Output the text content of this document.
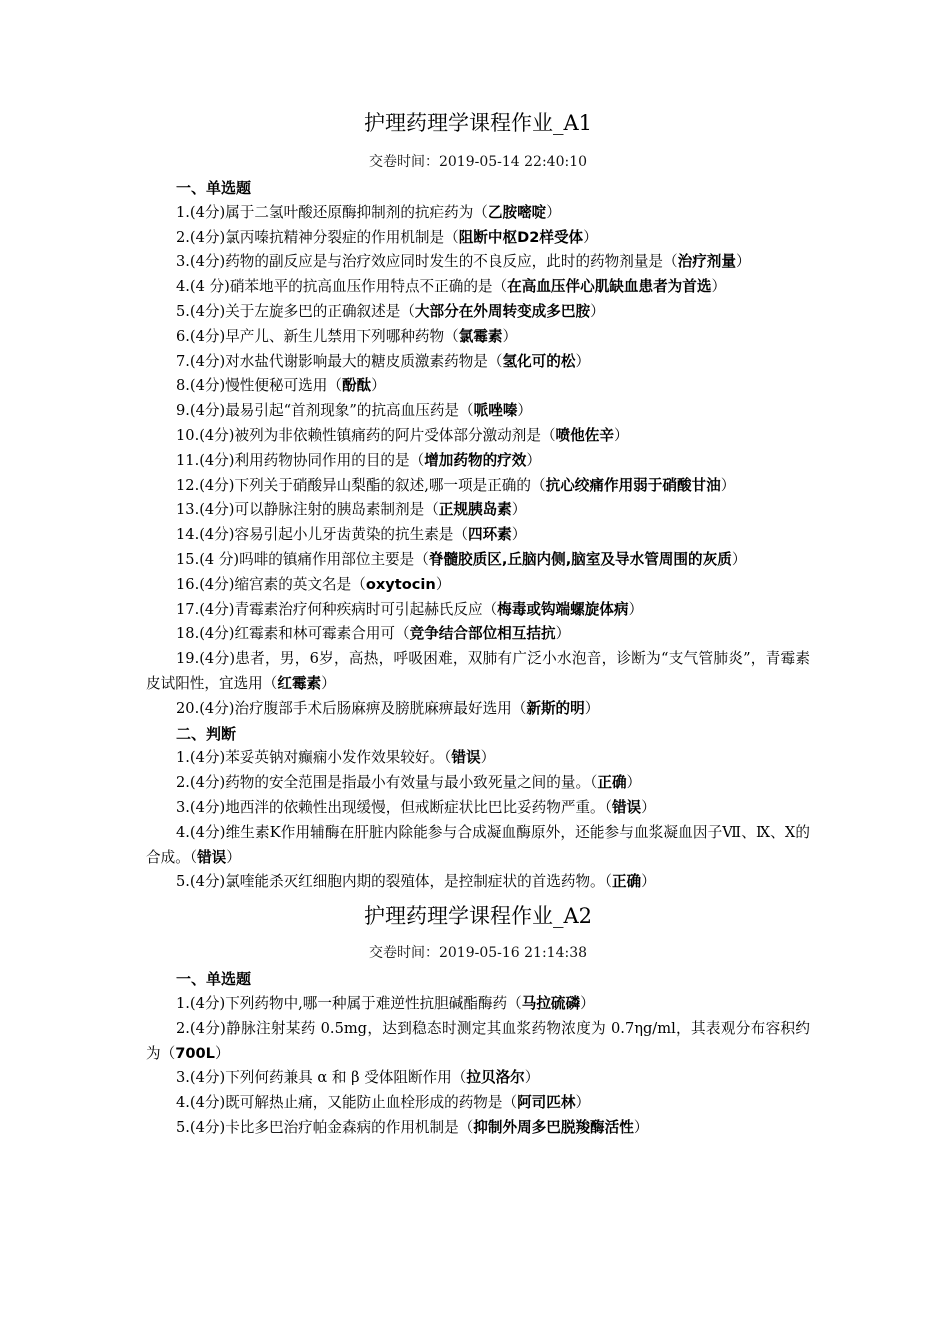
护理药理学课程作业_A1
交卷时间：2019-05-14 22:40:10
一、单选题
1.(4分)属于二氢叶酸还原酶抑制剂的抗疟药为（乙胺嘧啶）
2.(4分)氯丙嗪抗精神分裂症的作用机制是（阻断中枢D2样受体）
3.(4分)药物的副反应是与治疗效应同时发生的不良反应，此时的药物剂量是（治疗剂量）
4.(4 分)硝苯地平的抗高血压作用特点不正确的是（在高血压伴心肌缺血患者为首选）
5.(4分)关于左旋多巴的正确叙述是（大部分在外周转变成多巴胺）
6.(4分)早产儿、新生儿禁用下列哪种药物（氯霉素）
7.(4分)对水盐代谢影响最大的糖皮质激素药物是（氢化可的松）
8.(4分)慢性便秘可选用（酚酞）
9.(4分)最易引起“首剂现象”的抗高血压药是（哌唑嗪）
10.(4分)被列为非依赖性镇痛药的阿片受体部分激动剂是（喷他佐辛）
11.(4分)利用药物协同作用的目的是（增加药物的疗效）
12.(4分)下列关于硝酸异山梨酯的叙述,哪一项是正确的（抗心绞痛作用弱于硝酸甘油）
13.(4分)可以静脉注射的胰岛素制剂是（正规胰岛素）
14.(4分)容易引起小儿牙齿黄染的抗生素是（四环素）
15.(4 分)吗啡的镇痛作用部位主要是（脊髓胶质区,丘脑内侧,脑室及导水管周围的灰质）
16.(4分)缩宫素的英文名是（oxytocin）
17.(4分)青霉素治疗何种疾病时可引起赫氏反应（梅毒或钩端螺旋体病）
18.(4分)红霉素和林可霉素合用可（竞争结合部位相互拮抗）
19.(4分)患者，男，6岁，高热，呼吸困难，双肺有广泛小水泡音，诊断为“支气管肺炎”，青霉素皮试阳性，宜选用（红霉素）
20.(4分)治疗腹部手术后肠麻痹及膀胱麻痹最好选用（新斯的明）
二、判断
1.(4分)苯妥英钠对癫痫小发作效果较好。（错误）
2.(4分)药物的安全范围是指最小有效量与最小致死量之间的量。（正确）
3.(4分)地西泮的依赖性出现缓慢，但戒断症状比巴比妥药物严重。（错误）
4.(4分)维生素K作用辅酶在肝脏内除能参与合成凝血酶原外，还能参与血浆凝血因子Ⅶ、Ⅸ、Ⅹ的合成。（错误）
5.(4分)氯喹能杀灭红细胞内期的裂殖体，是控制症状的首选药物。（正确）
护理药理学课程作业_A2
交卷时间：2019-05-16 21:14:38
一、单选题
1.(4分)下列药物中,哪一种属于难逆性抗胆碱酯酶药（马拉硫磷）
2.(4分)静脉注射某药 0.5mg，达到稳态时测定其血浆药物浓度为 0.7ηg/ml，其表观分布容积约为（700L）
3.(4分)下列何药兼具 α 和 β 受体阻断作用（拉贝洛尔）
4.(4分)既可解热止痛，又能防止血栓形成的药物是（阿司匹林）
5.(4分)卡比多巴治疗帕金森病的作用机制是（抑制外周多巴脱羧酶活性）
